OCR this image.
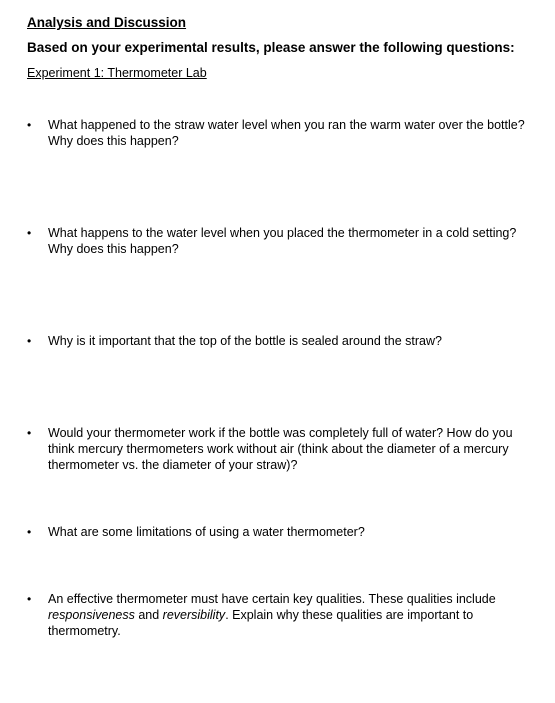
Analysis and Discussion
Based on your experimental results, please answer the following questions:
Experiment 1: Thermometer Lab
•	What happened to the straw water level when you ran the warm water over the bottle?
Why does this happen?
•	What happens to the water level when you placed the thermometer in a cold setting?
Why does this happen?
•	Why is it important that the top of the bottle is sealed around the straw?
•	Would your thermometer work if the bottle was completely full of water? How do you think mercury thermometers work without air (think about the diameter of a mercury thermometer vs. the diameter of your straw)?
•	What are some limitations of using a water thermometer?
•	An effective thermometer must have certain key qualities. These qualities include responsiveness and reversibility. Explain why these qualities are important to thermometry.
